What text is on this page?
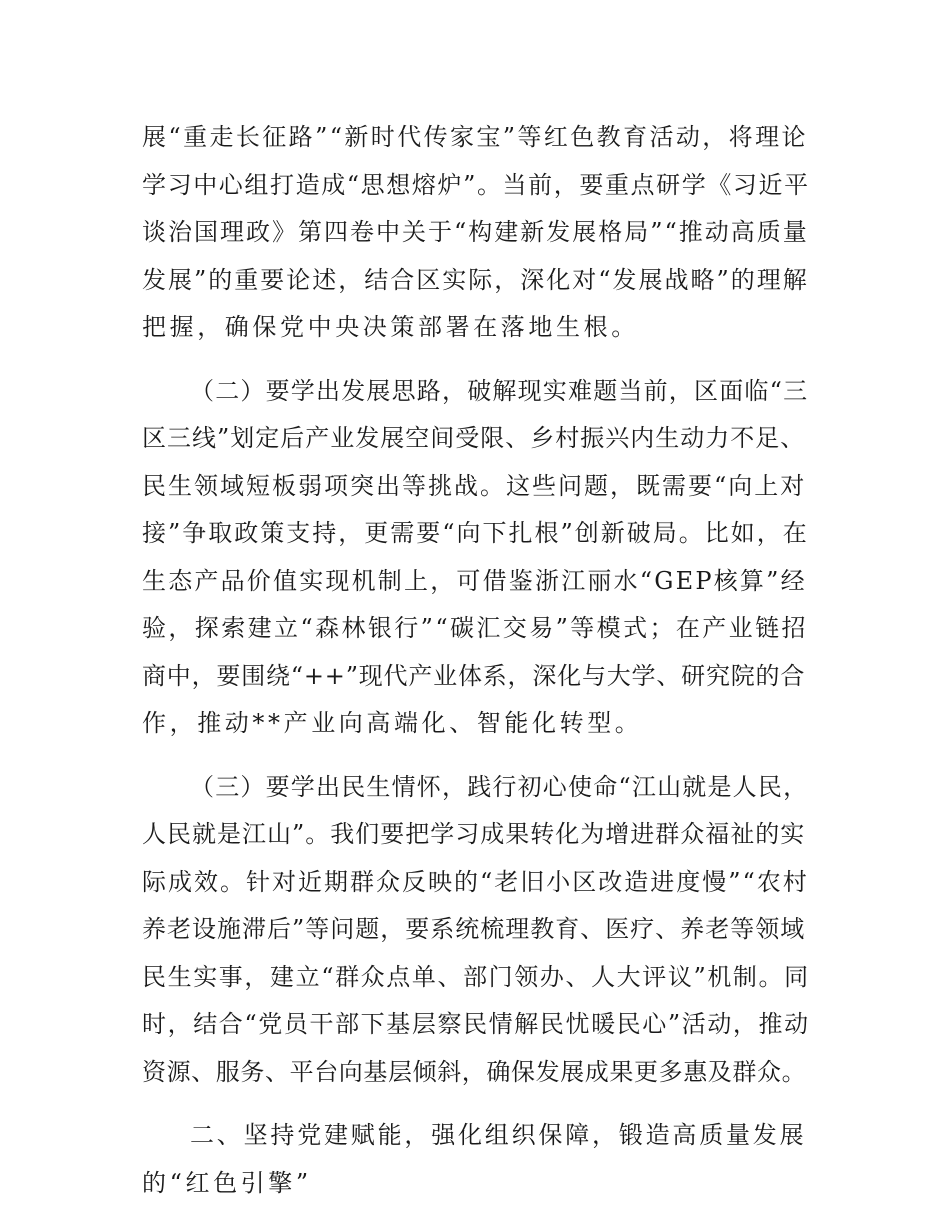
展“重走长征路”“新时代传家宝”等红色教育活动，将理论
学习中心组打造成“思想熔炉”。当前，要重点研学《习近平
谈治国理政》第四卷中关于“构建新发展格局”“推动高质量
发展”的重要论述，结合区实际，深化对“发展战略”的理解
把握，确保党中央决策部署在落地生根。
（二）要学出发展思路，破解现实难题当前，区面临“三
区三线”划定后产业发展空间受限、乡村振兴内生动力不足、
民生领域短板弱项突出等挑战。这些问题，既需要“向上对
接”争取政策支持，更需要“向下扎根”创新破局。比如，在
生态产品价值实现机制上，可借鉴浙江丽水“GEP核算”经
验，探索建立“森林银行”“碳汇交易”等模式；在产业链招
商中，要围绕“++”现代产业体系，深化与大学、研究院的合
作，推动**产业向高端化、智能化转型。
（三）要学出民生情怀，践行初心使命“江山就是人民，
人民就是江山”。我们要把学习成果转化为增进群众福祉的实
际成效。针对近期群众反映的“老旧小区改造进度慢”“农村
养老设施滞后”等问题，要系统梳理教育、医疗、养老等领域
民生实事，建立“群众点单、部门领办、人大评议”机制。同
时，结合“党员干部下基层察民情解民忧暖民心”活动，推动
资源、服务、平台向基层倾斜，确保发展成果更多惠及群众。
二、坚持党建赋能，强化组织保障，锻造高质量发展
的“红色引擎”
